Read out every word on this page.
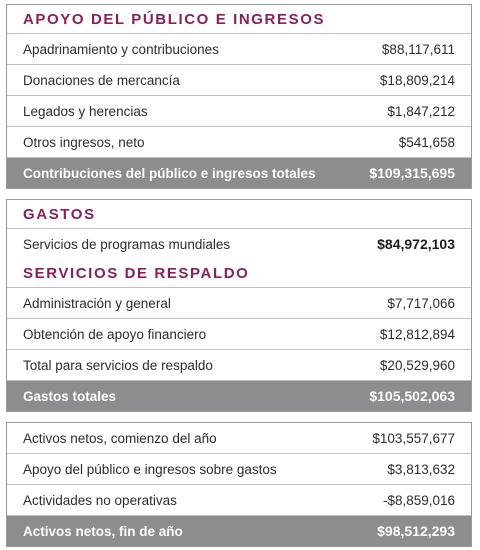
APOYO DEL PÚBLICO E INGRESOS
Apadrinamiento y contribuciones	$88,117,611
Donaciones de mercancía	$18,809,214
Legados y herencias	$1,847,212
Otros ingresos, neto	$541,658
Contribuciones del público e ingresos totales	$109,315,695
GASTOS
Servicios de programas mundiales	$84,972,103
SERVICIOS DE RESPALDO
Administración y general	$7,717,066
Obtención de apoyo financiero	$12,812,894
Total para servicios de respaldo	$20,529,960
Gastos totales	$105,502,063
Activos netos, comienzo del año	$103,557,677
Apoyo del público e ingresos sobre gastos	$3,813,632
Actividades no operativas	-$8,859,016
Activos netos, fin de año	$98,512,293
